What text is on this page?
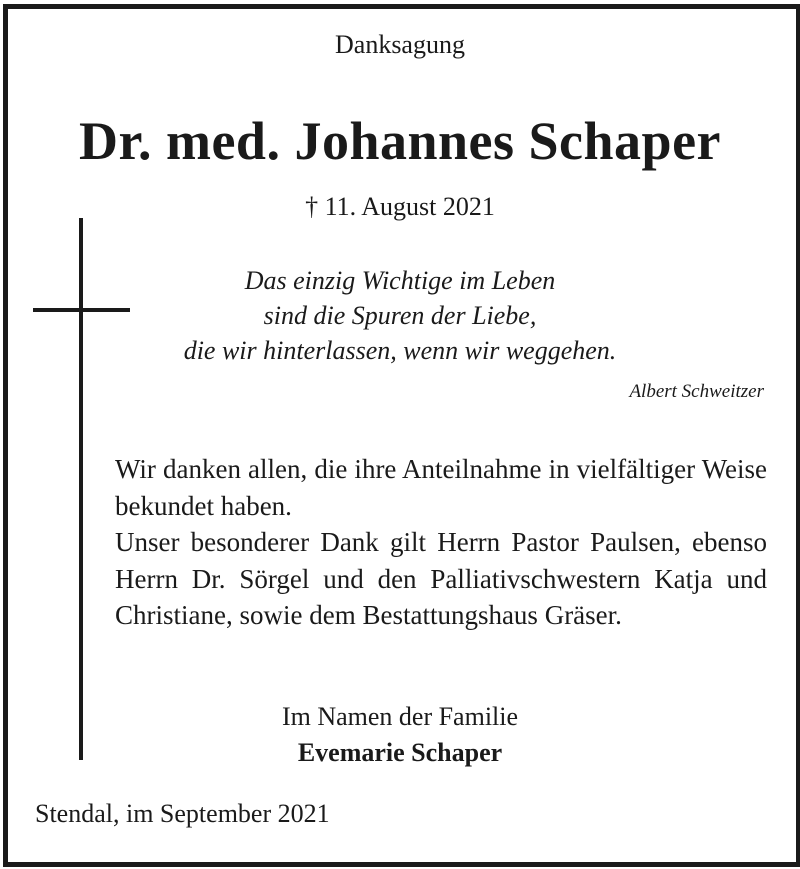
Danksagung
Dr. med. Johannes Schaper
† 11. August 2021
Das einzig Wichtige im Leben
sind die Spuren der Liebe,
die wir hinterlassen, wenn wir weggehen.
Albert Schweitzer

Wir danken allen, die ihre Anteilnahme in vielfältiger Weise bekundet haben.

Unser besonderer Dank gilt Herrn Pastor Paulsen, ebenso Herrn Dr. Sörgel und den Palliativschwestern Katja und Christiane, sowie dem Bestattungshaus Gräser.

Im Namen der Familie
Evemarie Schaper
Stendal, im September 2021
